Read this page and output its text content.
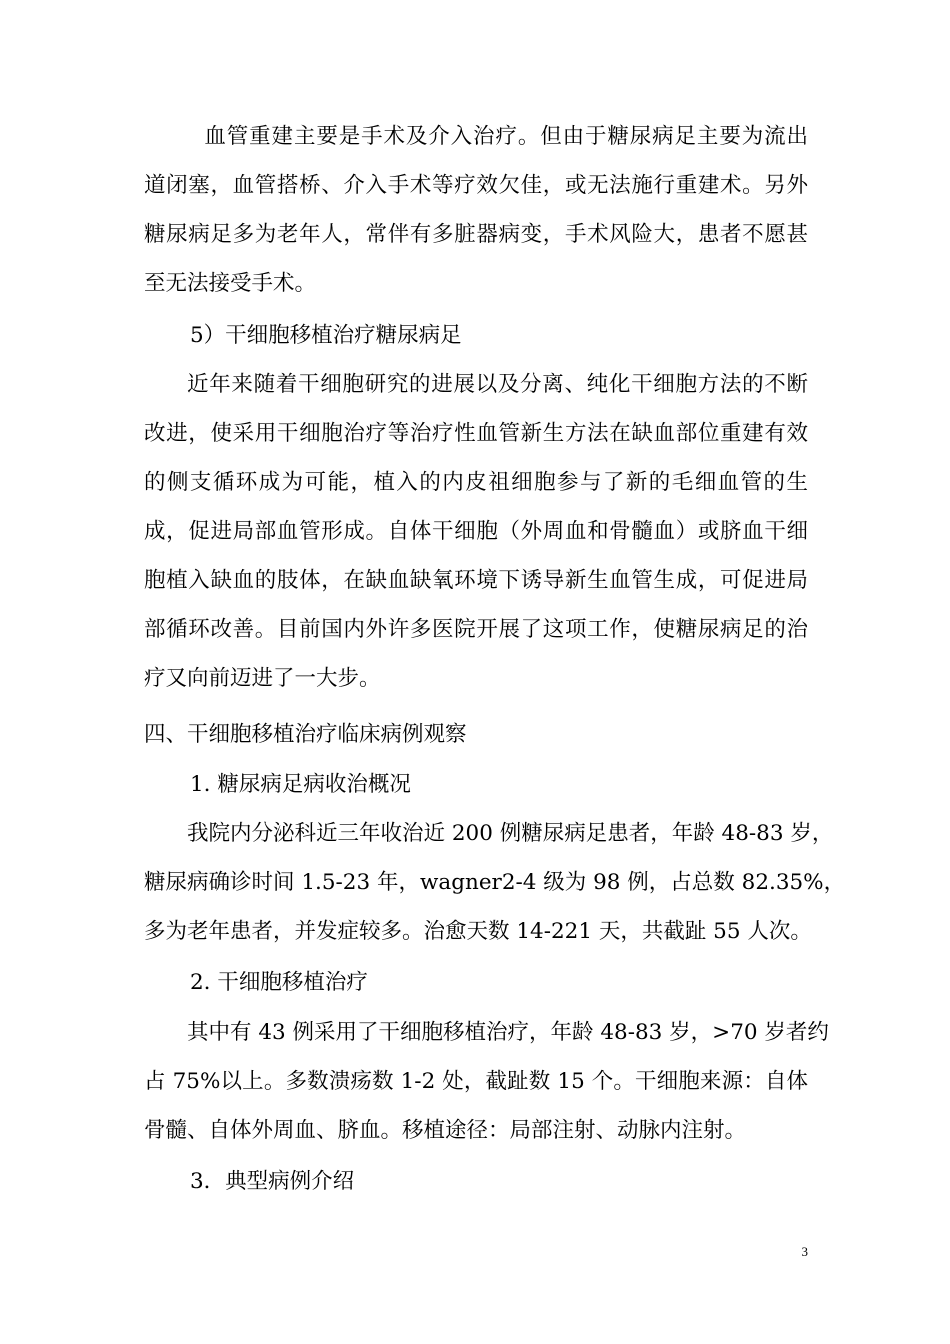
　血管重建主要是手术及介入治疗。但由于糖尿病足主要为流出
道闭塞，血管搭桥、介入手术等疗效欠佳，或无法施行重建术。另外
糖尿病足多为老年人，常伴有多脏器病变，手术风险大，患者不愿甚
至无法接受手术。

5）干细胞移植治疗糖尿病足

近年来随着干细胞研究的进展以及分离、纯化干细胞方法的不断
改进，使采用干细胞治疗等治疗性血管新生方法在缺血部位重建有效
的侧支循环成为可能，植入的内皮祖细胞参与了新的毛细血管的生
成，促进局部血管形成。自体干细胞（外周血和骨髓血）或脐血干细
胞植入缺血的肢体，在缺血缺氧环境下诱导新生血管生成，可促进局
部循环改善。目前国内外许多医院开展了这项工作，使糖尿病足的治
疗又向前迈进了一大步。

四、干细胞移植治疗临床病例观察

1. 糖尿病足病收治概况

我院内分泌科近三年收治近 200 例糖尿病足患者，年龄 48-83 岁，
糖尿病确诊时间 1.5-23 年，wagner2-4 级为 98 例，占总数 82.35%，
多为老年患者，并发症较多。治愈天数 14-221 天，共截趾 55 人次。

2. 干细胞移植治疗

其中有 43 例采用了干细胞移植治疗，年龄 48-83 岁，>70 岁者约
占 75%以上。多数溃疡数 1-2 处，截趾数 15 个。干细胞来源：自体
骨髓、自体外周血、脐血。移植途径：局部注射、动脉内注射。

3．典型病例介绍

3
